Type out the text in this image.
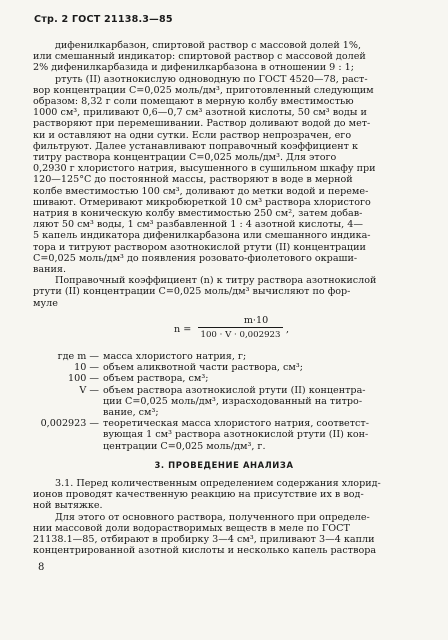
Стр. 2 ГОСТ 21138.3—85

дифенилкарбазон, спиртовой раствор с массовой долей 1%,
или смешанный индикатор: спиртовой раствор с массовой долей
2% дифенилкарбазида и дифенилкарбазона в отношении 9 : 1;

ртуть (II) азотнокислую одноводную по ГОСТ 4520—78, раст-
вор концентрации C=0,025 моль/дм³, приготовленный следующим
образом: 8,32 г соли помещают в мерную колбу вместимостью
1000 см³, приливают 0,6—0,7 см³ азотной кислоты, 50 см³ воды и
растворяют при перемешивании. Раствор доливают водой до мет-
ки и оставляют на одни сутки. Если раствор непрозрачен, его
фильтруют. Далее устанавливают поправочный коэффициент к
титру раствора концентрации C=0,025 моль/дм³. Для этого
0,2930 г хлористого натрия, высушенного в сушильном шкафу при
120—125°C до постоянной массы, растворяют в воде в мерной
колбе вместимостью 100 см³, доливают до метки водой и переме-
шивают. Отмеривают микробюреткой 10 см³ раствора хлористого
натрия в коническую колбу вместимостью 250 см², затем добав-
ляют 50 см³ воды, 1 см³ разбавленной 1 : 4 азотной кислоты, 4—
5 капель индикатора дифенилкарбазона или смешанного индика-
тора и титруют раствором азотнокислой ртути (II) концентрации
C=0,025 моль/дм³ до появления розовато-фиолетового окраши-
вания.

Поправочный коэффициент (n) к титру раствора азотнокислой
ртути (II) концентрации C=0,025 моль/дм³ вычисляют по фор-
муле

n =
m·10
100 · V · 0,002923 ,
где m — масса хлористого натрия, г;
10 — объем аликвотной части раствора, см³;
100 — объем раствора, см³;
V — объем раствора азотнокислой ртути (II) концентра-
ции C=0,025 моль/дм³, израсходованный на титро-
вание, см³;
0,002923 — теоретическая масса хлористого натрия, соответст-
вующая 1 см³ раствора азотнокислой ртути (II) кон-
центрации C=0,025 моль/дм³, г.
3. ПРОВЕДЕНИЕ АНАЛИЗА

3.1. Перед количественным определением содержания хлорид-
ионов проводят качественную реакцию на присутствие их в вод-
ной вытяжке.

Для этого от основного раствора, полученного при определе-
нии массовой доли водорастворимых веществ в меле по ГОСТ
21138.1—85, отбирают в пробирку 3—4 см³, приливают 3—4 капли
концентрированной азотной кислоты и несколько капель раствора

8
